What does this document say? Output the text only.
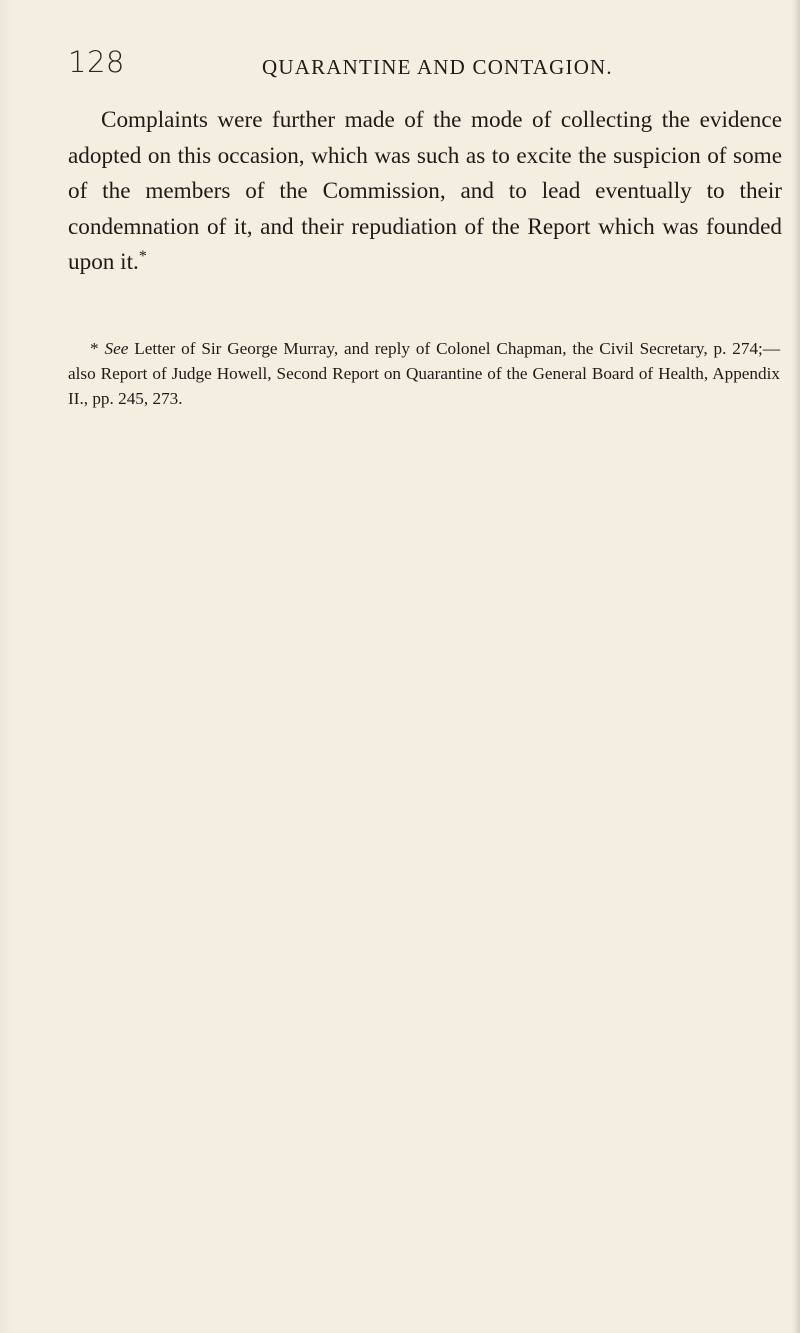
128	QUARANTINE AND CONTAGION.

Complaints were further made of the mode of collecting the evidence adopted on this occasion, which was such as to excite the suspicion of some of the members of the Commission, and to lead eventually to their condemnation of it, and their repudiation of the Report which was founded upon it.*

* See Letter of Sir George Murray, and reply of Colonel Chapman, the Civil Secretary, p. 274;—also Report of Judge Howell, Second Report on Quarantine of the General Board of Health, Appendix II., pp. 245, 273.
